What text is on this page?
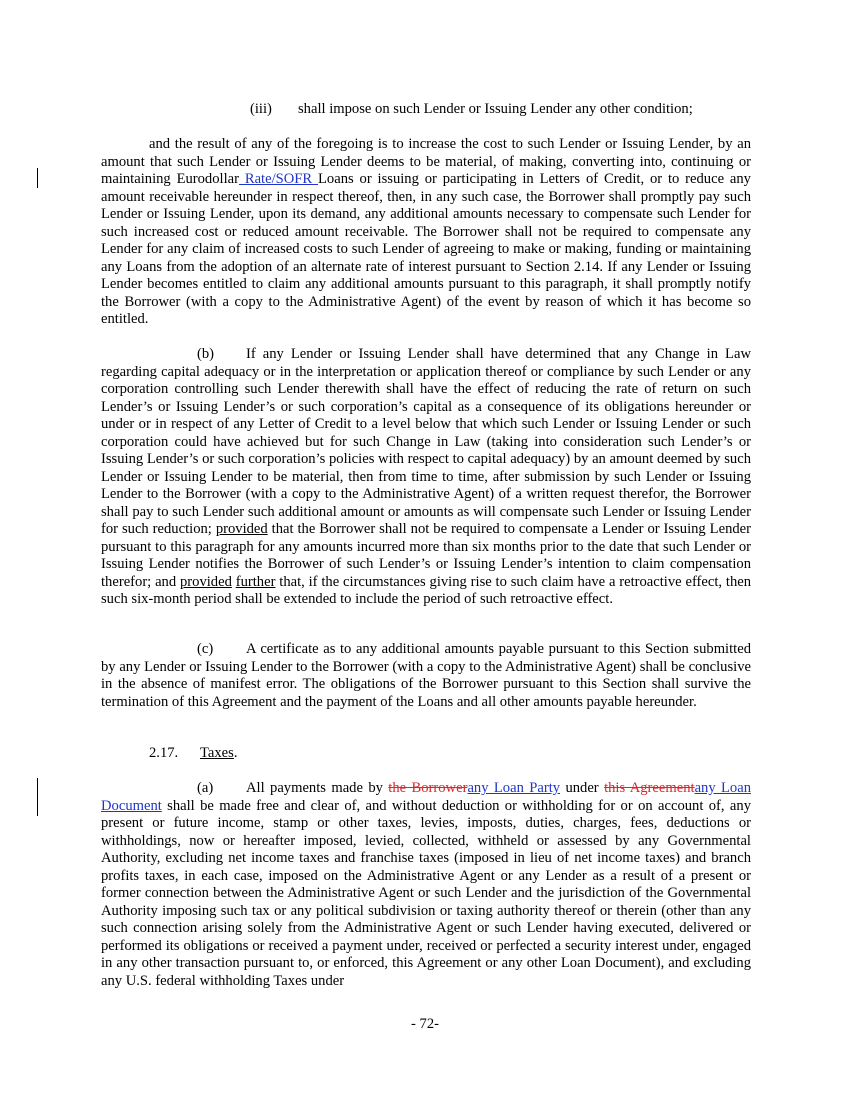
(iii) shall impose on such Lender or Issuing Lender any other condition;

and the result of any of the foregoing is to increase the cost to such Lender or Issuing Lender, by an amount that such Lender or Issuing Lender deems to be material, of making, converting into, continuing or maintaining Eurodollar Rate/SOFR Loans or issuing or participating in Letters of Credit, or to reduce any amount receivable hereunder in respect thereof, then, in any such case, the Borrower shall promptly pay such Lender or Issuing Lender, upon its demand, any additional amounts necessary to compensate such Lender for such increased cost or reduced amount receivable. The Borrower shall not be required to compensate any Lender for any claim of increased costs to such Lender of agreeing to make or making, funding or maintaining any Loans from the adoption of an alternate rate of interest pursuant to Section 2.14. If any Lender or Issuing Lender becomes entitled to claim any additional amounts pursuant to this paragraph, it shall promptly notify the Borrower (with a copy to the Administrative Agent) of the event by reason of which it has become so entitled.

(b) If any Lender or Issuing Lender shall have determined that any Change in Law regarding capital adequacy or in the interpretation or application thereof or compliance by such Lender or any corporation controlling such Lender therewith shall have the effect of reducing the rate of return on such Lender’s or Issuing Lender’s or such corporation’s capital as a consequence of its obligations hereunder or under or in respect of any Letter of Credit to a level below that which such Lender or Issuing Lender or such corporation could have achieved but for such Change in Law (taking into consideration such Lender’s or Issuing Lender’s or such corporation’s policies with respect to capital adequacy) by an amount deemed by such Lender or Issuing Lender to be material, then from time to time, after submission by such Lender or Issuing Lender to the Borrower (with a copy to the Administrative Agent) of a written request therefor, the Borrower shall pay to such Lender such additional amount or amounts as will compensate such Lender or Issuing Lender for such reduction; provided that the Borrower shall not be required to compensate a Lender or Issuing Lender pursuant to this paragraph for any amounts incurred more than six months prior to the date that such Lender or Issuing Lender notifies the Borrower of such Lender’s or Issuing Lender’s intention to claim compensation therefor; and provided further that, if the circumstances giving rise to such claim have a retroactive effect, then such six-month period shall be extended to include the period of such retroactive effect.

(c) A certificate as to any additional amounts payable pursuant to this Section submitted by any Lender or Issuing Lender to the Borrower (with a copy to the Administrative Agent) shall be conclusive in the absence of manifest error. The obligations of the Borrower pursuant to this Section shall survive the termination of this Agreement and the payment of the Loans and all other amounts payable hereunder.

2.17. Taxes.

(a) All payments made by the Borrowerany Loan Party under this Agreementany Loan Document shall be made free and clear of, and without deduction or withholding for or on account of, any present or future income, stamp or other taxes, levies, imposts, duties, charges, fees, deductions or withholdings, now or hereafter imposed, levied, collected, withheld or assessed by any Governmental Authority, excluding net income taxes and franchise taxes (imposed in lieu of net income taxes) and branch profits taxes, in each case, imposed on the Administrative Agent or any Lender as a result of a present or former connection between the Administrative Agent or such Lender and the jurisdiction of the Governmental Authority imposing such tax or any political subdivision or taxing authority thereof or therein (other than any such connection arising solely from the Administrative Agent or such Lender having executed, delivered or performed its obligations or received a payment under, received or perfected a security interest under, engaged in any other transaction pursuant to, or enforced, this Agreement or any other Loan Document), and excluding any U.S. federal withholding Taxes under

- 72-
